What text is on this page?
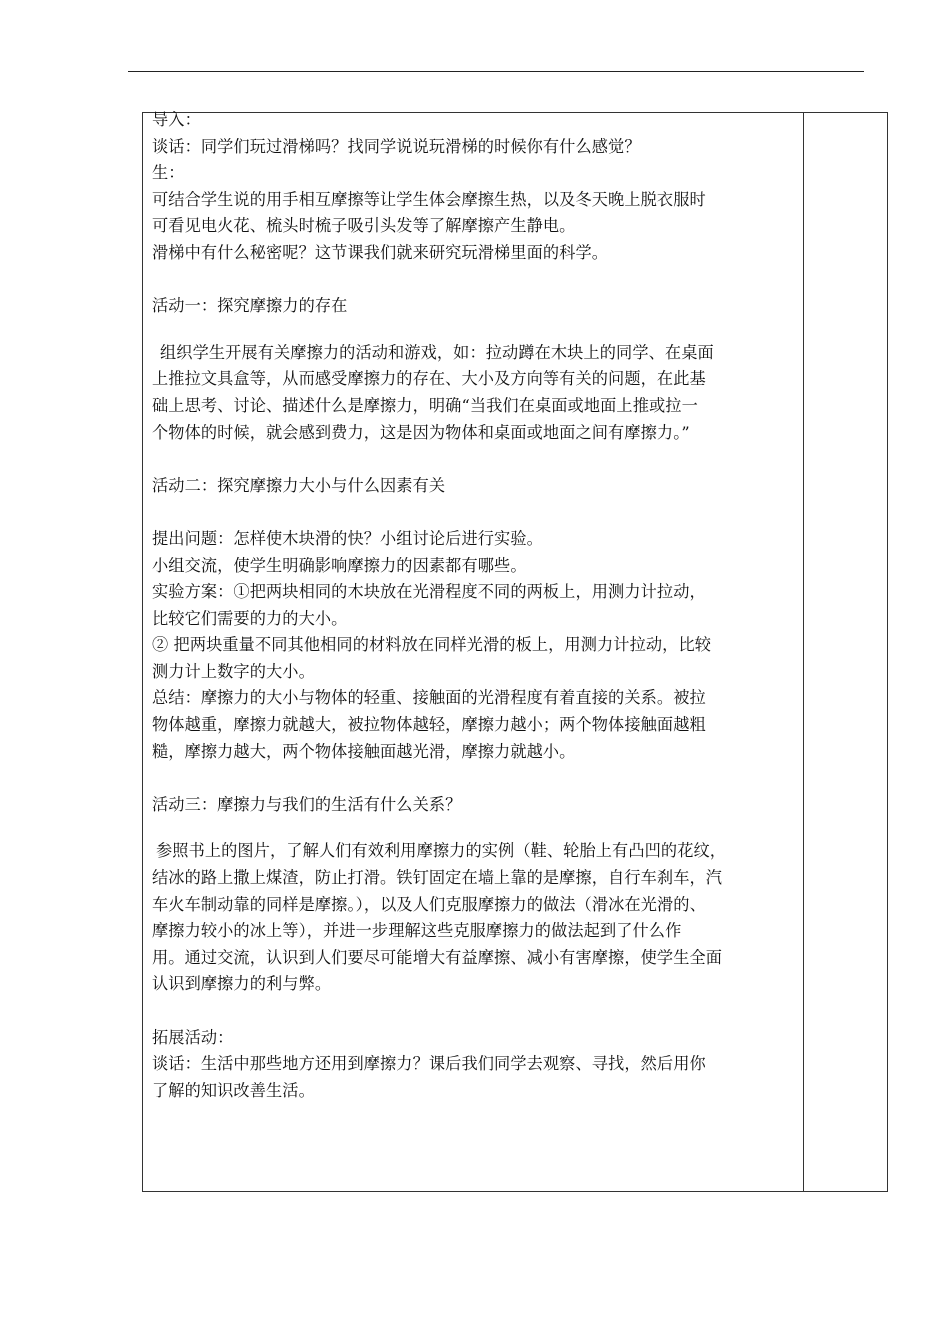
导入：
谈话：同学们玩过滑梯吗？找同学说说玩滑梯的时候你有什么感觉？
生：
可结合学生说的用手相互摩擦等让学生体会摩擦生热，以及冬天晚上脱衣服时
可看见电火花、梳头时梳子吸引头发等了解摩擦产生静电。
滑梯中有什么秘密呢？这节课我们就来研究玩滑梯里面的科学。
活动一：探究摩擦力的存在
组织学生开展有关摩擦力的活动和游戏，如：拉动蹲在木块上的同学、在桌面
上推拉文具盒等，从而感受摩擦力的存在、大小及方向等有关的问题，在此基
础上思考、讨论、描述什么是摩擦力，明确“当我们在桌面或地面上推或拉一
个物体的时候，就会感到费力，这是因为物体和桌面或地面之间有摩擦力。”
活动二：探究摩擦力大小与什么因素有关
提出问题：怎样使木块滑的快？小组讨论后进行实验。
小组交流，使学生明确影响摩擦力的因素都有哪些。
实验方案：①把两块相同的木块放在光滑程度不同的两板上，用测力计拉动，
比较它们需要的力的大小。
② 把两块重量不同其他相同的材料放在同样光滑的板上，用测力计拉动，比较
测力计上数字的大小。
总结：摩擦力的大小与物体的轻重、接触面的光滑程度有着直接的关系。被拉
物体越重，摩擦力就越大，被拉物体越轻，摩擦力越小；两个物体接触面越粗
糙，摩擦力越大，两个物体接触面越光滑，摩擦力就越小。
活动三：摩擦力与我们的生活有什么关系？
参照书上的图片，了解人们有效利用摩擦力的实例（鞋、轮胎上有凸凹的花纹，
结冰的路上撒上煤渣，防止打滑。铁钉固定在墙上靠的是摩擦，自行车刹车，汽
车火车制动靠的同样是摩擦。），以及人们克服摩擦力的做法（滑冰在光滑的、
摩擦力较小的冰上等），并进一步理解这些克服摩擦力的做法起到了什么作
用。通过交流，认识到人们要尽可能增大有益摩擦、减小有害摩擦，使学生全面
认识到摩擦力的利与弊。
拓展活动：
谈话：生活中那些地方还用到摩擦力？课后我们同学去观察、寻找，然后用你
了解的知识改善生活。
